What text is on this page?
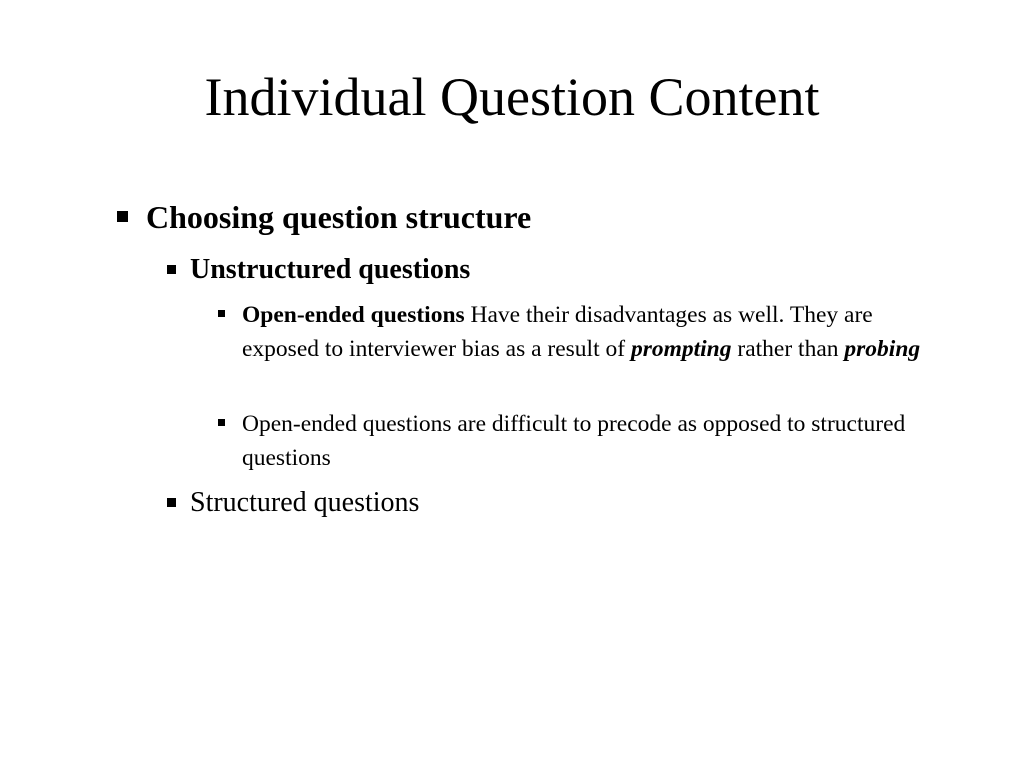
Individual Question Content
Choosing question structure
Unstructured questions
Open-ended questions Have their disadvantages as well. They are exposed to interviewer bias as a result of prompting rather than probing
Open-ended questions are difficult to precode as opposed to structured questions
Structured questions
